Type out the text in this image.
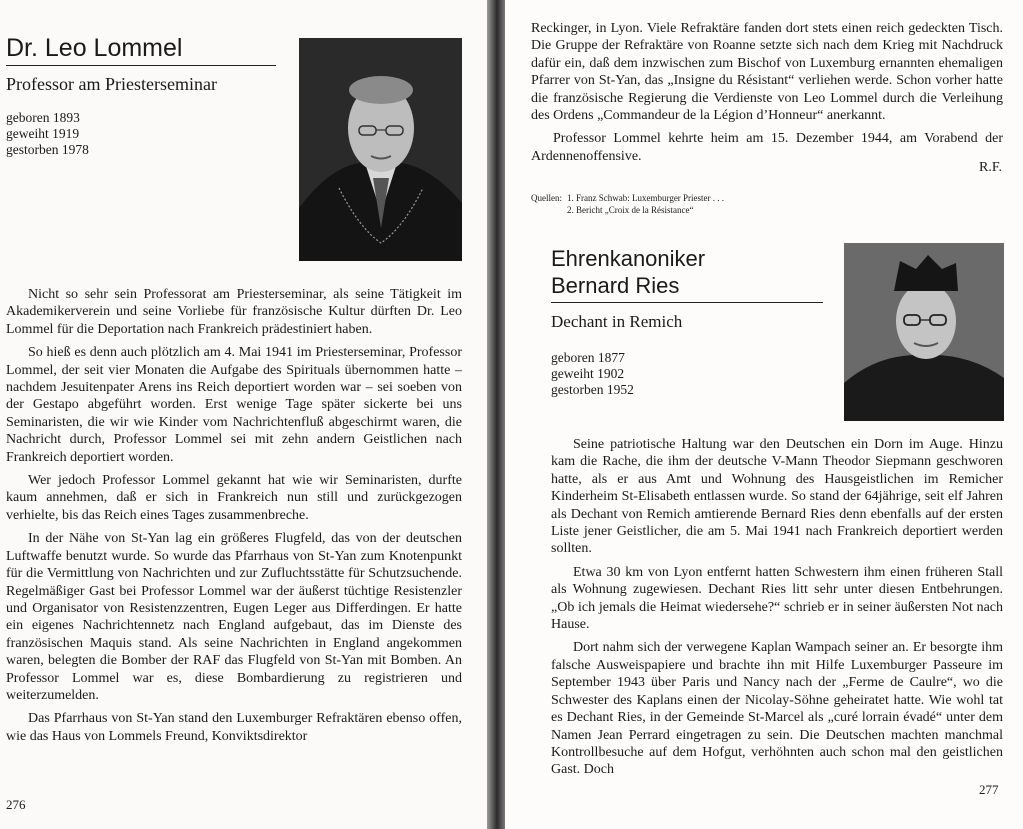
Dr. Leo Lommel
Professor am Priesterseminar
geboren 1893
geweiht 1919
gestorben 1978

Nicht so sehr sein Professorat am Priesterseminar, als seine Tätigkeit im Akademikerverein und seine Vorliebe für französische Kultur dürften Dr. Leo Lommel für die Deportation nach Frankreich prädestiniert haben.

So hieß es denn auch plötzlich am 4. Mai 1941 im Priesterseminar, Professor Lommel, der seit vier Monaten die Aufgabe des Spirituals übernommen hatte – nachdem Jesuitenpater Arens ins Reich deportiert worden war – sei soeben von der Gestapo abgeführt worden. Erst wenige Tage später sickerte bei uns Seminaristen, die wir wie Kinder vom Nachrichtenfluß abgeschirmt waren, die Nachricht durch, Professor Lommel sei mit zehn andern Geistlichen nach Frankreich deportiert worden.

Wer jedoch Professor Lommel gekannt hat wie wir Seminaristen, durfte kaum annehmen, daß er sich in Frankreich nun still und zurückgezogen verhielte, bis das Reich eines Tages zusammenbreche.

In der Nähe von St-Yan lag ein größeres Flugfeld, das von der deutschen Luftwaffe benutzt wurde. So wurde das Pfarrhaus von St-Yan zum Knotenpunkt für die Vermittlung von Nachrichten und zur Zufluchtsstätte für Schutzsuchende. Regelmäßiger Gast bei Professor Lommel war der äußerst tüchtige Resistenzler und Organisator von Resistenzzentren, Eugen Leger aus Differdingen. Er hatte ein eigenes Nachrichtennetz nach England aufgebaut, das im Dienste des französischen Maquis stand. Als seine Nachrichten in England angekommen waren, belegten die Bomber der RAF das Flugfeld von St-Yan mit Bomben. An Professor Lommel war es, diese Bombardierung zu registrieren und weiterzumelden.

Das Pfarrhaus von St-Yan stand den Luxemburger Refraktären ebenso offen, wie das Haus von Lommels Freund, Konviktsdirektor

276

Reckinger, in Lyon. Viele Refraktäre fanden dort stets einen reich gedeckten Tisch. Die Gruppe der Refraktäre von Roanne setzte sich nach dem Krieg mit Nachdruck dafür ein, daß dem inzwischen zum Bischof von Luxemburg ernannten ehemaligen Pfarrer von St-Yan, das „Insigne du Résistant“ verliehen werde. Schon vorher hatte die französische Regierung die Verdienste von Leo Lommel durch die Verleihung des Ordens „Commandeur de la Légion d’Honneur“ anerkannt.

Professor Lommel kehrte heim am 15. Dezember 1944, am Vorabend der Ardennenoffensive.

R.F.
Quellen: 1. Franz Schwab: Luxemburger Priester . . .
2. Bericht „Croix de la Résistance“
Ehrenkanoniker
Bernard Ries
Dechant in Remich
geboren 1877
geweiht 1902
gestorben 1952

Seine patriotische Haltung war den Deutschen ein Dorn im Auge. Hinzu kam die Rache, die ihm der deutsche V-Mann Theodor Siepmann geschworen hatte, als er aus Amt und Wohnung des Hausgeistlichen im Remicher Kinderheim St-Elisabeth entlassen wurde. So stand der 64jährige, seit elf Jahren als Dechant von Remich amtierende Bernard Ries denn ebenfalls auf der ersten Liste jener Geistlicher, die am 5. Mai 1941 nach Frankreich deportiert werden sollten.

Etwa 30 km von Lyon entfernt hatten Schwestern ihm einen früheren Stall als Wohnung zugewiesen. Dechant Ries litt sehr unter diesen Entbehrungen. „Ob ich jemals die Heimat wiedersehe?“ schrieb er in seiner äußersten Not nach Hause.

Dort nahm sich der verwegene Kaplan Wampach seiner an. Er besorgte ihm falsche Ausweispapiere und brachte ihn mit Hilfe Luxemburger Passeure im September 1943 über Paris und Nancy nach der „Ferme de Caulre“, wo die Schwester des Kaplans einen der Nicolay-Söhne geheiratet hatte. Wie wohl tat es Dechant Ries, in der Gemeinde St-Marcel als „curé lorrain évadé“ unter dem Namen Jean Perrard eingetragen zu sein. Die Deutschen machten manchmal Kontrollbesuche auf dem Hofgut, verhöhnten auch schon mal den geistlichen Gast. Doch

277
